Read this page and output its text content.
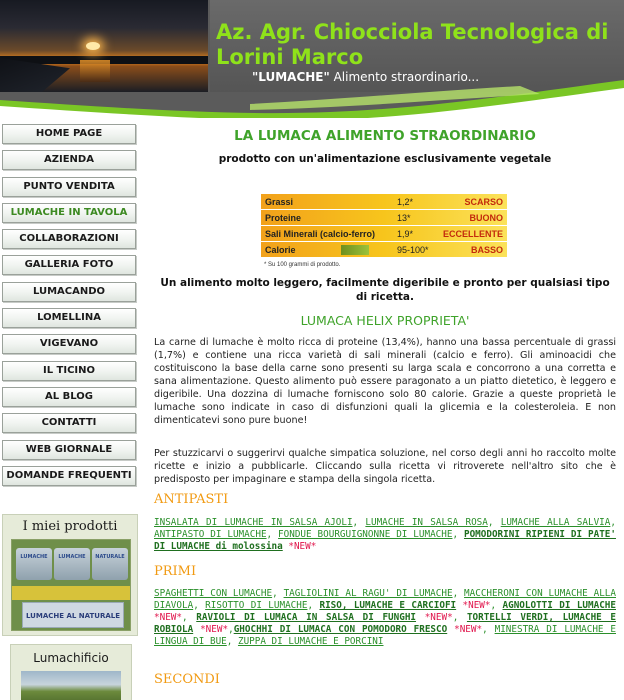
Az. Agr. Chiocciola Tecnologica di Lorini Marco
"LUMACHE" Alimento straordinario...
HOME PAGE
AZIENDA
PUNTO VENDITA
LUMACHE IN TAVOLA
COLLABORAZIONI
GALLERIA FOTO
LUMACANDO
LOMELLINA
VIGEVANO
IL TICINO
AL BLOG
CONTATTI
WEB GIORNALE
DOMANDE FREQUENTI
I miei prodotti
LUMACHE	LUMACHE	NATURALE
LUMACHE AL NATURALE
Lumachificio
LA LUMACA ALIMENTO STRAORDINARIO
prodotto con un'alimentazione esclusivamente vegetale
Grassi	1,2*	SCARSO
Proteine	13*	BUONO
Sali Minerali (calcio-ferro) 1,9*	ECCELLENTE
Calorie	95-100*	BASSO
* Su 100 grammi di prodotto.
Un alimento molto leggero, facilmente digeribile e pronto per qualsiasi tipo di ricetta.
LUMACA HELIX PROPRIETA'
La carne di lumache è molto ricca di proteine (13,4%), hanno una bassa percentuale di grassi (1,7%) e contiene una ricca varietà di sali minerali (calcio e ferro). Gli aminoacidi che costituiscono la base della carne sono presenti su larga scala e concorrono a una corretta e sana alimentazione. Questo alimento può essere paragonato a un piatto dietetico, è leggero e digeribile. Una dozzina di lumache forniscono solo 80 calorie. Grazie a queste proprietà le lumache sono indicate in caso di disfunzioni quali la glicemia e la colesteroleia. E non dimenticatevi sono pure buone!
Per stuzzicarvi o suggerirvi qualche simpatica soluzione, nel corso degli anni ho raccolto molte ricette e inizio a pubblicarle. Cliccando sulla ricetta vi ritroverete nell'altro sito che è predisposto per impaginare e stampa della singola ricetta.
ANTIPASTI
INSALATA DI LUMACHE IN SALSA AJOLI, LUMACHE IN SALSA ROSA, LUMACHE ALLA SALVIA, ANTIPASTO DI LUMACHE, FONDUE BOURGUIGNONNE DI LUMACHE, POMODORINI RIPIENI DI PATE' DI LUMACHE di molossina *NEW*
PRIMI
SPAGHETTI CON LUMACHE, TAGLIOLINI AL RAGU' DI LUMACHE, MACCHERONI CON LUMACHE ALLA DIAVOLA, RISOTTO DI LUMACHE, RISO, LUMACHE E CARCIOFI *NEW*, AGNOLOTTI DI LUMACHE *NEW*, RAVIOLI DI LUMACA IN SALSA DI FUNGHI *NEW*, TORTELLI VERDI, LUMACHE E ROBIOLA *NEW*,GHOCHHI DI LUMACA CON POMODORO FRESCO *NEW*, MINESTRA DI LUMACHE E LINGUA DI BUE, ZUPPA DI LUMACHE E PORCINI
SECONDI
